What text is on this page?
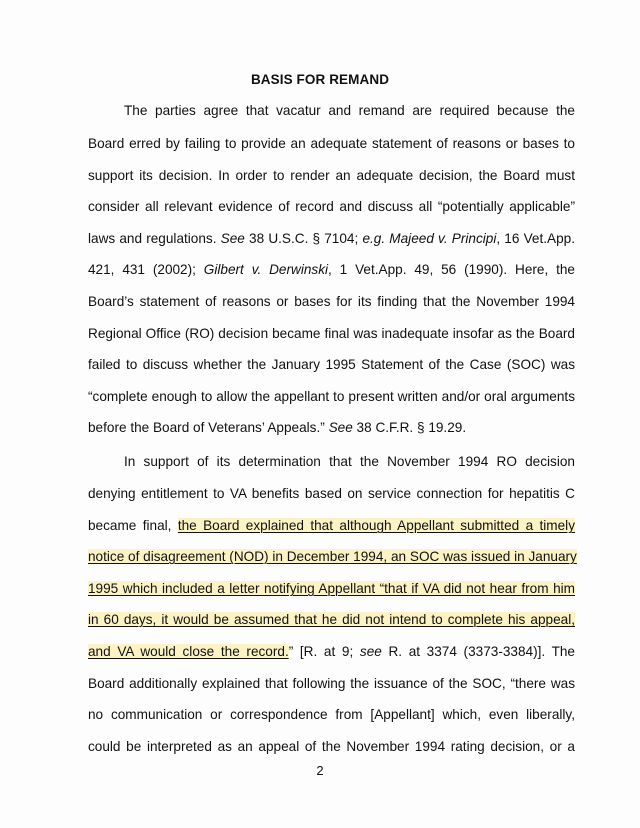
BASIS FOR REMAND
The parties agree that vacatur and remand are required because the
Board erred by failing to provide an adequate statement of reasons or bases to
support its decision. In order to render an adequate decision, the Board must
consider all relevant evidence of record and discuss all “potentially applicable”
laws and regulations. See 38 U.S.C. § 7104; e.g. Majeed v. Principi, 16 Vet.App.
421, 431 (2002); Gilbert v. Derwinski, 1 Vet.App. 49, 56 (1990). Here, the
Board’s statement of reasons or bases for its finding that the November 1994
Regional Office (RO) decision became final was inadequate insofar as the Board
failed to discuss whether the January 1995 Statement of the Case (SOC) was
“complete enough to allow the appellant to present written and/or oral arguments
before the Board of Veterans’ Appeals.” See 38 C.F.R. § 19.29.
In support of its determination that the November 1994 RO decision
denying entitlement to VA benefits based on service connection for hepatitis C
became final, the Board explained that although Appellant submitted a timely
notice of disagreement (NOD) in December 1994, an SOC was issued in January
1995 which included a letter notifying Appellant “that if VA did not hear from him
in 60 days, it would be assumed that he did not intend to complete his appeal,
and VA would close the record.” [R. at 9; see R. at 3374 (3373-3384)]. The
Board additionally explained that following the issuance of the SOC, “there was
no communication or correspondence from [Appellant] which, even liberally,
could be interpreted as an appeal of the November 1994 rating decision, or a
2
